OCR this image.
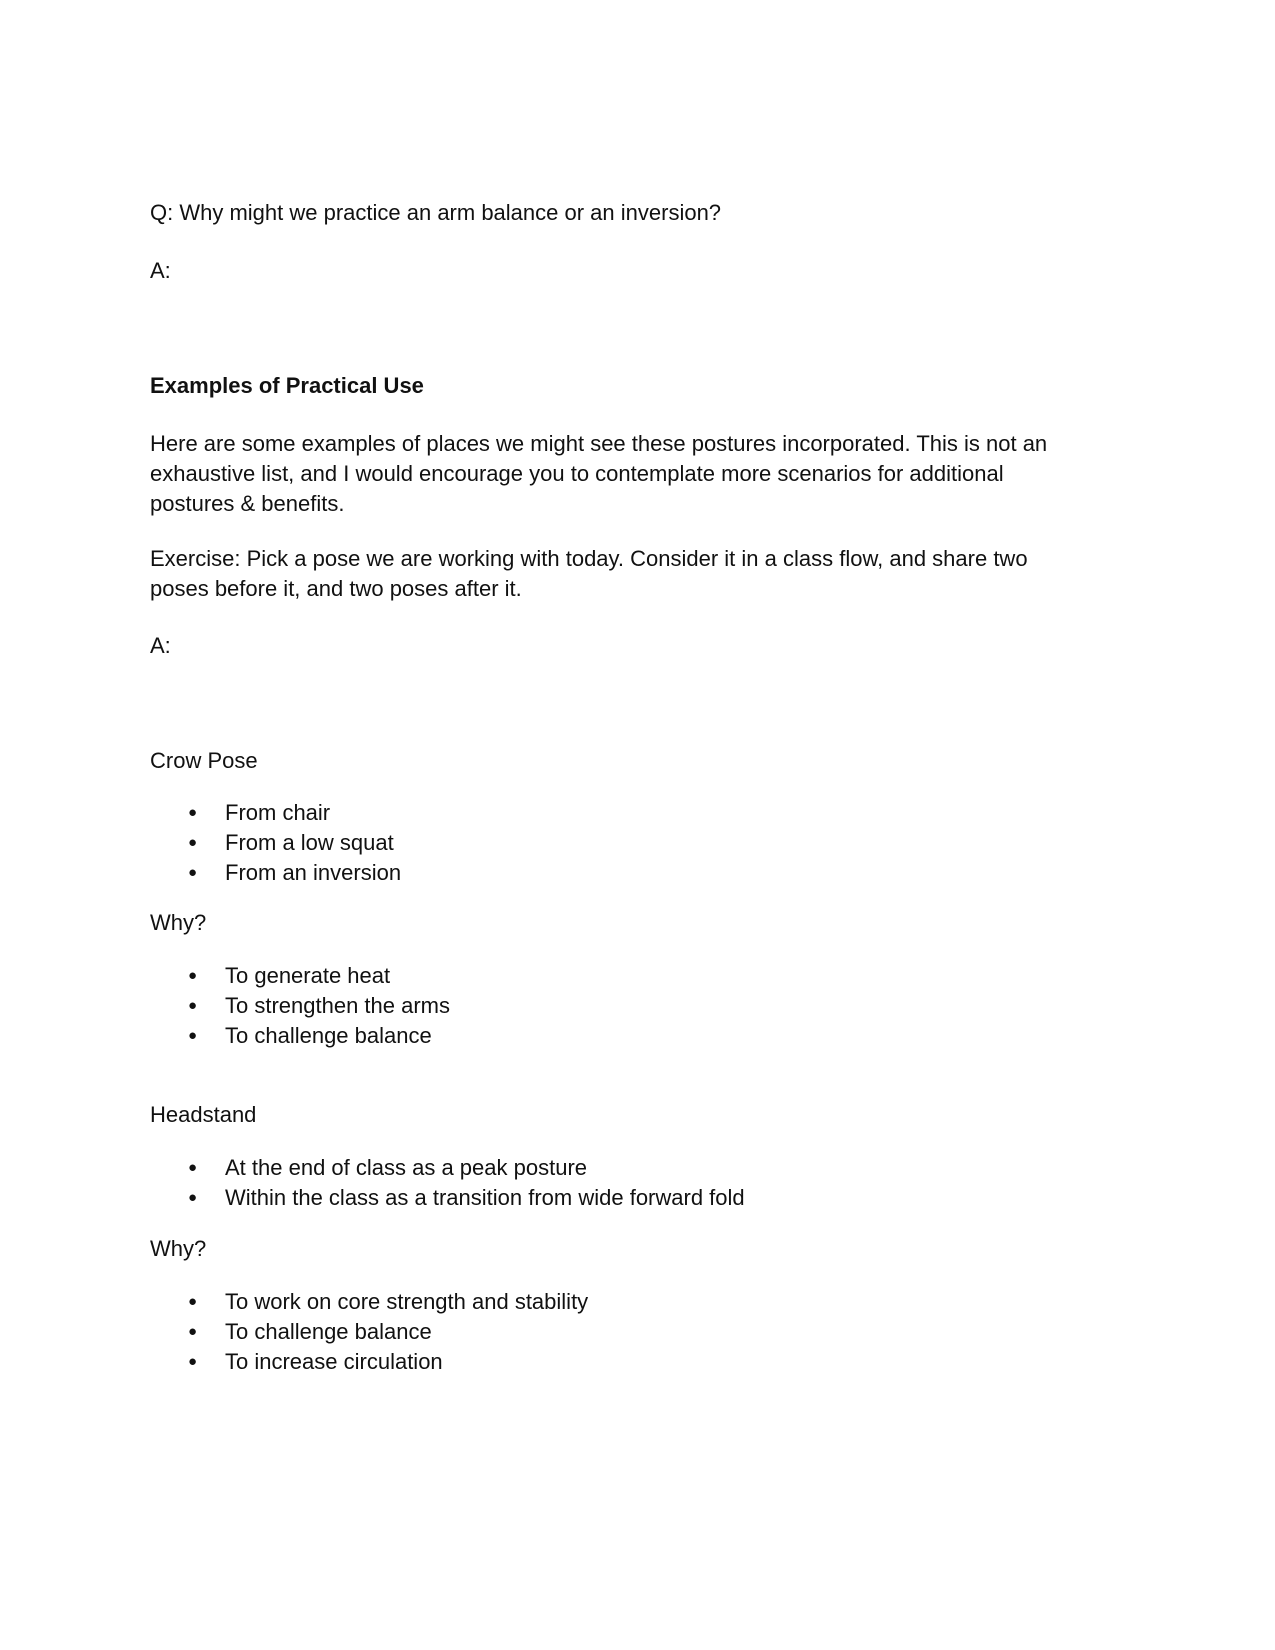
Q: Why might we practice an arm balance or an inversion?
A:
Examples of Practical Use

Here are some examples of places we might see these postures incorporated. This is not an exhaustive list, and I would encourage you to contemplate more scenarios for additional postures & benefits.

Exercise: Pick a pose we are working with today. Consider it in a class flow, and share two poses before it, and two poses after it.

A:
Crow Pose
● From chair
● From a low squat
● From an inversion
Why?
● To generate heat
● To strengthen the arms
● To challenge balance
Headstand
● At the end of class as a peak posture
● Within the class as a transition from wide forward fold
Why?
● To work on core strength and stability
● To challenge balance
● To increase circulation
